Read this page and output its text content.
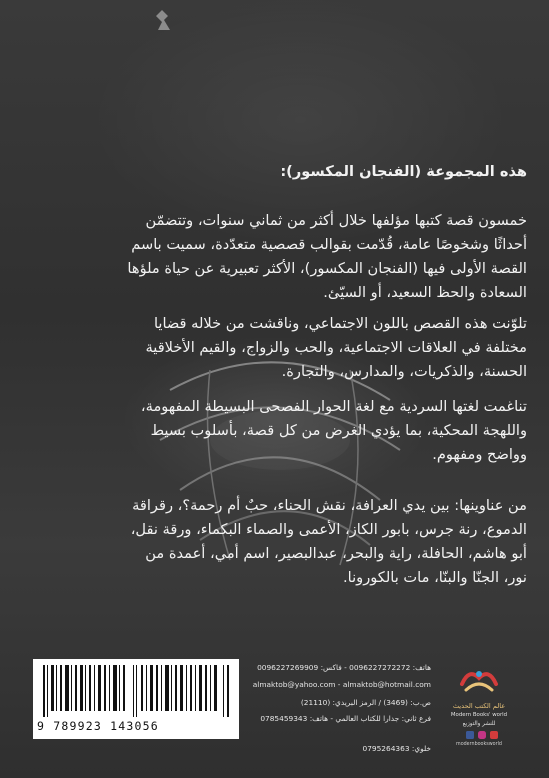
هذه المجموعة (الفنجان المكسور):
خمسون قصة كتبها مؤلفها خلال أكثر من ثماني سنوات، وتتضمّن
أحداثًا وشخوصًا عامة، قُدّمت بقوالب قصصية متعدّدة، سميت باسم
القصة الأولى فيها (الفنجان المكسور)، الأكثر تعبيرية عن حياة ملؤها
السعادة والحظ السعيد، أو السيّئ.
تلوّنت هذه القصص باللون الاجتماعي، وناقشت من خلاله قضايا
مختلفة في العلاقات الاجتماعية، والحب والزواج، والقيم الأخلاقية
الحسنة، والذكريات، والمدارس، والتجارة.
تناغمت لغتها السردية مع لغة الحوار الفصحى البسيطة المفهومة،
واللهجة المحكية، بما يؤدي الغرض من كل قصة، بأسلوب بسيط
وواضح ومفهوم.
من عناوينها: بين يدي العرافة، نقش الحناء، حبٌ أم رحمة؟، رقراقة
الدموع، رنة جرس، بابور الكاز، الأعمى والصماء البكماء، ورقة نقل،
أبو هاشم، الحافلة، راية والبحر، عبدالبصير، اسم أمي، أعمدة من
نور، الجنّا والبنّا، مات بالكورونا.
9 789923 143056
هاتف: 0096227272272 - فاكس: 0096227269909
almaktob@yahoo.com - almaktob@hotmail.com
ص.ب: (3469) / الرمز البريدي: (21110)
فرع ثاني: جدارا للكتاب العالمي - هاتف: 0785459343
خلوي: 0795264363
عالم الكتب الحديث
Modern Books' world
للنشر والتوزيع
modernbooksworld
